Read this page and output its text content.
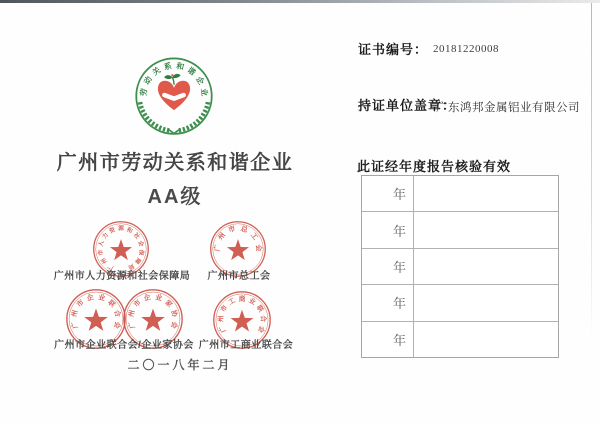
劳
动
关 系 和 谐
企
业
广州市劳动关系和谐企业
AA级
广
州
市
人
力
资 源 和
社
会
保
障
局
广
州
市 总
工
会
广
州
市
企 业
联
合
会 广
州
市
企 业
家
协
会	广
州
市
工 商 业
联
合
会
广州市人力资源和社会保障局 广州市总工会
广州市企业联合会/企业家协会 广州市工商业联合会
二〇一八年二月
证书编号： 20181220008
持证单位盖章：
广东鸿邦金属铝业有限公司
此证经年度报告核验有效
年
年
年
年
年
